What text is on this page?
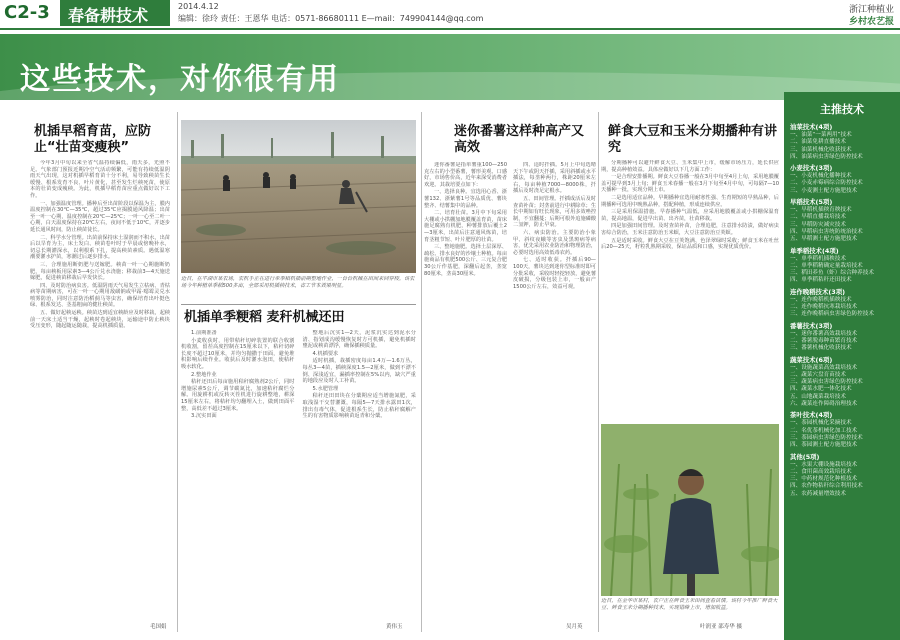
C2-3	春备耕技术	2014.4.12
编辑：徐玲 责任：王恩华 电话：0571-86680111 E—mail：749904144@qq.com
浙江种植业
乡村农艺报
这些技术，对你很有用
机插早稻育苗，应防止“壮苗变瘦秧”

今年3月中旬以来全省气温持续偏低，雨天多，光照不足。气象部门预报近期冷空气活动频繁，可能有持续低温阴雨天气出现，这对机插早稻育苗十分不利，易导致秧苗生长缓慢、根系发育不良、叶片黄化，甚至发生烂秧死苗，使原本的壮苗变成瘦秧。为此，机插早稻育苗应重点做好以下工作。

一、加强温度管理。播种后至出苗阶段以保温为主，膜内温度控制在30℃—35℃，超过35℃应揭膜通风降温；出苗至一叶一心期，温度控制在20℃—25℃；一叶一心至二叶一心期，白天温度保持在20℃左右，夜间不低于10℃，并逐步延长通风时间，防止秧苗徒长。

二、科学水分管理。出苗前保持床土湿润而不积水，出苗后以旱育为主，床土发白、秧苗卷叶时于早晨或傍晚补水，切忌长期灌深水，以利根系下扎，提高秧苗素质。遇低温寒潮要灌水护苗，寒潮过后逐步排水。

三、合理施用断奶肥与送嫁肥。秧苗一叶一心期施断奶肥，每亩秧板用尿素3—4公斤兑水浇施；移栽前3—4天施送嫁肥，促进秧苗移栽后早发快长。

四、及时防治病虫害。低温阴雨天气易发生立枯病、青枯病等苗期病害，可在一叶一心期用敌磺钠或甲霜·噁霉灵兑水喷雾防治，同时注意防治稻蓟马等虫害，确保培育出叶挺色绿、根系发达、茎基粗扁的健壮秧苗。

五、做好起秧运秧。秧苗达到适宜秧龄应及时移栽，起秧前一天床土适当干燥，起秧时卷起秧块，运输途中防止秧块受压变形，随起随运随栽，提高机插质量。

毛国娟
近日，在平湖市某农场，农机手正在进行单季稻机插前期整地作业，一台台机械在田间来回穿梭。该农场今年种植单季稻500多亩，全部采用机插秧技术，省工节本效果明显。
机插单季粳稻 麦秆机械还田

1.前期准备

小麦收获时，用带秸秆切碎装置的联合收割机收割，留茬高度控制在15厘米以下，秸秆切碎长度不超过10厘米，并均匀抛撒于田面，避免堆积影响后续作业。收获后及时灌水泡田，使秸秆吸水软化。

2.整地作业

秸秆还田后每亩施用秸秆腐熟剂2公斤，同时增施尿素5公斤，调节碳氮比，加速秸秆腐烂分解。用旋耕机或反转灭茬机进行旋耕整地，耕深15厘米左右，将秸秆均匀翻埋入土，做到田面平整，高低差不超过3厘米。

3.沉实田面

整地后沉实1—2天，泥浆沉实达到泥水分清、指划成沟缓慢恢复时方可机插，避免机插时壅泥或秧苗漂浮，确保插秧质量。

4.机插要求

适时机插，栽插密度每亩1.4万—1.6万丛，每丛3—4苗，插秧深度1.5—2厘米，做到不漂不倒、深浅适宜，漏插率控制在5%以内，缺穴严重的地段应及时人工补苗。

5.水肥管理

秸秆还田田块在分蘖期应适当增施氮肥，采取浅湿干交替灌溉，每隔5—7天排水露田1次，排出有毒气体，促进根系生长，防止秸秆腐解产生的有害物质影响秧苗返青和分蘖。

黄伟玉
迷你番薯这样种高产又高效

迷你番薯是指单薯重100—250克左右的小型番薯，薯形美观、口感好，市场售价高，近年来深受消费者欢迎。其栽培要点如下：

一、选择良种。宜选用心香、浙薯132、浙紫薯1号等品质优、薯块整齐、结薯集中的品种。

二、培育壮苗。3月中下旬采用大棚或小拱棚加地膜覆盖育苗，苗床施足腐熟有机肥，种薯排放后覆土2—3厘米，出苗后注意通风炼苗，培育茎粗节短、叶片肥厚的壮苗。

三、整地施肥。选择土层深厚、疏松、排水良好的沙壤土种植。每亩施商品有机肥500公斤、三元复合肥30公斤作基肥，深翻后起垄，垄宽80厘米，垄高30厘米。

四、适时扦插。5月上中旬选晴天下午或阴天扦插，采用斜插或水平插法，每垄种两行，株距20厘米左右，每亩种植7000—8000株，扦插后及时浇足定根水。

五、田间管理。扦插成活后及时查苗补苗；封垄前进行中耕除草；生长中期如有旺长现象，可用多效唑控制，不宜翻蔓；后期可根外追施磷酸二氢钾，防止早衰。

六、病虫防治。主要防治小象甲、斜纹夜蛾等害虫及黑斑病等病害，优先采用农业防治和物理防治，必要时选用高效低毒农药。

七、适时收获。扦插后90—100天，薯块达到迷你型标准时即可分批采收，采收时轻挖轻放，避免薯皮破损，分级包装上市，一般亩产1500公斤左右，效益可观。

吴月英
鲜食大豆和玉米分期播种有讲究

分期播种可以避开鲜食大豆、玉米集中上市，缓解市场压力，延长供应期，提高种植效益。具体应做好以下几方面工作：

一是合理安排播期。鲜食大豆春播一般在3月中旬至4月上旬，采用地膜覆盖可提早到3月上旬；鲜食玉米春播一般在3月下旬至4月中旬，可每隔7—10天播种一批，实现分期上市。

二是选用适宜品种。早期播种宜选用耐寒性强、生育期短的早熟品种，后期播种可选用中晚熟品种，搭配种植，形成连续供应。

三是采用保温措施。早春播种气温低，应采用地膜覆盖或小拱棚保温育苗，提高地温，促进早出苗、出齐苗，壮苗移栽。

四是加强田间管理。及时查苗补苗，合理追肥，注意排水防渍，做好病虫害综合防治，玉米注意防治玉米螟，大豆注意防治豆荚螟。

五是适时采收。鲜食大豆在豆荚饱满、色泽翠绿时采收；鲜食玉米在吐丝后20—25天，籽粒乳熟期采收，保证品质和口感，实现优质优价。

近日，在金华市某村，农户正在鲜食玉米田间查看苗情。该村今年推广鲜食大豆、鲜食玉米分期播种技术，实现错峰上市，增加收益。
叶润亚 邵寿华 摄
主推技术
油菜技术(4项)
一、油菜“一菜两用”技术
二、油菜免耕直播技术
三、油菜机械化收获技术
四、油菜病虫害绿色防控技术
小麦技术(3项)
一、小麦机械化播种技术
二、小麦赤霉病综合防控技术
三、小麦测土配方施肥技术
早稻技术(5项)
一、早稻机插秧育秧技术
二、早稻直播栽培技术
三、早稻防灾减灾技术
四、早稻病虫害统防统治技术
五、早稻测土配方施肥技术
单季稻技术(4项)
一、单季稻机插秧技术
二、单季稻精确定量栽培技术
三、稻田养鱼（虾）综合种养技术
四、单季稻秸秆还田技术
连作晚稻技术(3项)
一、连作晚稻机插秧技术
二、连作晚稻抗寒栽培技术
三、连作晚稻病虫害绿色防控技术
番薯技术(3项)
一、迷你番薯高效栽培技术
二、番薯脱毒种苗繁育技术
三、番薯机械化收获技术
蔬菜技术(6项)
一、设施蔬菜高效栽培技术
二、蔬菜穴盘育苗技术
三、蔬菜病虫害绿色防控技术
四、蔬菜水肥一体化技术
五、山地蔬菜栽培技术
六、蔬菜连作障碍治理技术
茶叶技术(4项)
一、茶园机械化采摘技术
二、名优茶机械化加工技术
三、茶园病虫害绿色防控技术
四、茶园测土配方施肥技术
其他(5项)
一、水果大棚设施栽培技术
二、食用菌高效栽培技术
三、中药材规范化种植技术
四、农作物秸秆综合利用技术
五、农药减量增效技术
